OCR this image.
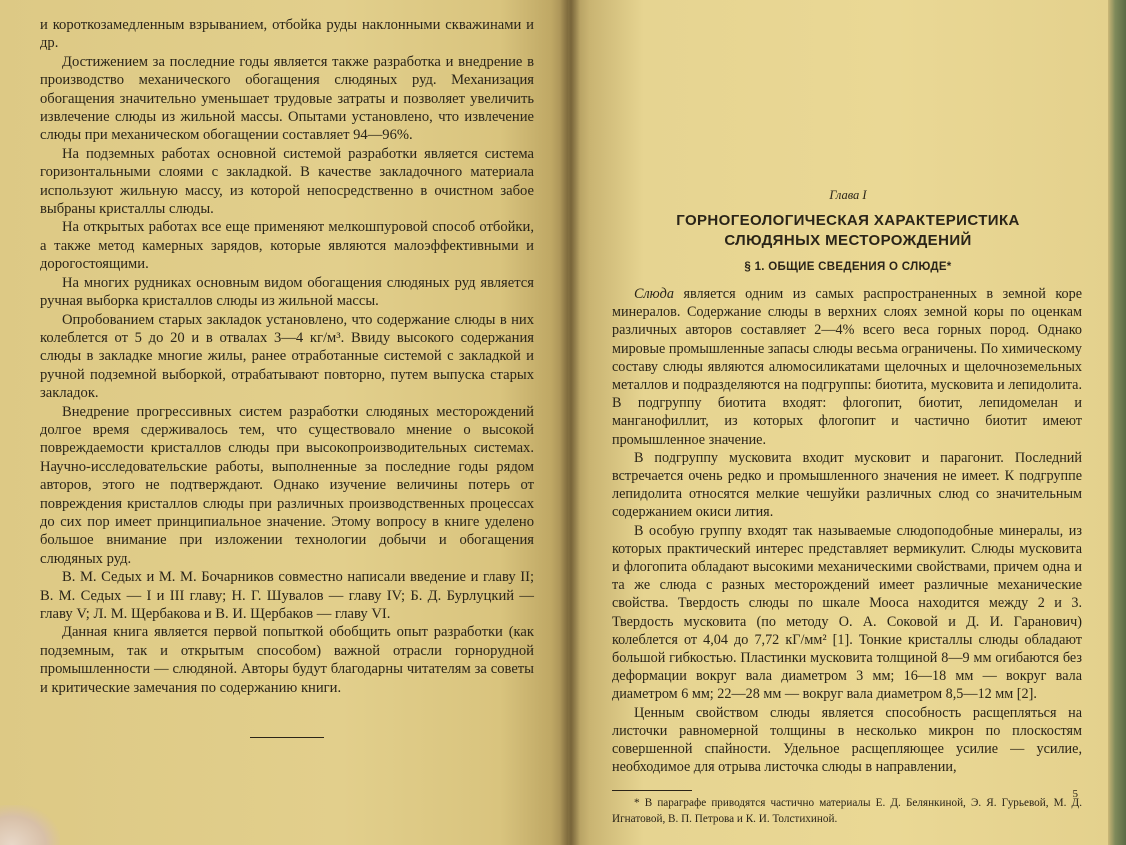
и короткозамедленным взрыванием, отбойка руды наклонными скважинами и др.

Достижением за последние годы является также разработка и внедрение в производство механического обогащения слюдяных руд. Механизация обогащения значительно уменьшает трудовые затраты и позволяет увеличить извлечение слюды из жильной массы. Опытами установлено, что извлечение слюды при механическом обогащении составляет 94—96%.

На подземных работах основной системой разработки является система горизонтальными слоями с закладкой. В качестве закладочного материала используют жильную массу, из которой непосредственно в очистном забое выбраны кристаллы слюды.

На открытых работах все еще применяют мелкошпуровой способ отбойки, а также метод камерных зарядов, которые являются малоэффективными и дорогостоящими.

На многих рудниках основным видом обогащения слюдяных руд является ручная выборка кристаллов слюды из жильной массы.

Опробованием старых закладок установлено, что содержание слюды в них колеблется от 5 до 20 и в отвалах 3—4 кг/м³. Ввиду высокого содержания слюды в закладке многие жилы, ранее отработанные системой с закладкой и ручной подземной выборкой, отрабатывают повторно, путем выпуска старых закладок.

Внедрение прогрессивных систем разработки слюдяных месторождений долгое время сдерживалось тем, что существовало мнение о высокой повреждаемости кристаллов слюды при высокопроизводительных системах. Научно-исследовательские работы, выполненные за последние годы рядом авторов, этого не подтверждают. Однако изучение величины потерь от повреждения кристаллов слюды при различных производственных процессах до сих пор имеет принципиальное значение. Этому вопросу в книге уделено большое внимание при изложении технологии добычи и обогащения слюдяных руд.

В. М. Седых и М. М. Бочарников совместно написали введение и главу II; В. М. Седых — I и III главу; Н. Г. Шувалов — главу IV; Б. Д. Бурлуцкий — главу V; Л. М. Щербакова и В. И. Щербаков — главу VI.

Данная книга является первой попыткой обобщить опыт разработки (как подземным, так и открытым способом) важной отрасли горнорудной промышленности — слюдяной. Авторы будут благодарны читателям за советы и критические замечания по содержанию книги.

Глава I
ГОРНОГЕОЛОГИЧЕСКАЯ ХАРАКТЕРИСТИКА
СЛЮДЯНЫХ МЕСТОРОЖДЕНИЙ
§ 1. ОБЩИЕ СВЕДЕНИЯ О СЛЮДЕ*

Слюда является одним из самых распространенных в земной коре минералов. Содержание слюды в верхних слоях земной коры по оценкам различных авторов составляет 2—4% всего веса горных пород. Однако мировые промышленные запасы слюды весьма ограничены. По химическому составу слюды являются алюмосиликатами щелочных и щелочноземельных металлов и подразделяются на подгруппы: биотита, мусковита и лепидолита. В подгруппу биотита входят: флогопит, биотит, лепидомелан и манганофиллит, из которых флогопит и частично биотит имеют промышленное значение.

В подгруппу мусковита входит мусковит и парагонит. Последний встречается очень редко и промышленного значения не имеет. К подгруппе лепидолита относятся мелкие чешуйки различных слюд со значительным содержанием окиси лития.

В особую группу входят так называемые слюдоподобные минералы, из которых практический интерес представляет вермикулит. Слюды мусковита и флогопита обладают высокими механическими свойствами, причем одна и та же слюда с разных месторождений имеет различные механические свойства. Твердость слюды по шкале Мооса находится между 2 и 3. Твердость мусковита (по методу О. А. Соковой и Д. И. Гаранович) колеблется от 4,04 до 7,72 кГ/мм² [1]. Тонкие кристаллы слюды обладают большой гибкостью. Пластинки мусковита толщиной 8—9 мм огибаются без деформации вокруг вала диаметром 3 мм; 16—18 мм — вокруг вала диаметром 6 мм; 22—28 мм — вокруг вала диаметром 8,5—12 мм [2].

Ценным свойством слюды является способность расщепляться на листочки равномерной толщины в несколько микрон по плоскостям совершенной спайности. Удельное расщепляющее усилие — усилие, необходимое для отрыва листочка слюды в направлении,

* В параграфе приводятся частично материалы Е. Д. Белянкиной, Э. Я. Гурьевой, М. Д. Игнатовой, В. П. Петрова и К. И. Толстихиной.

5
